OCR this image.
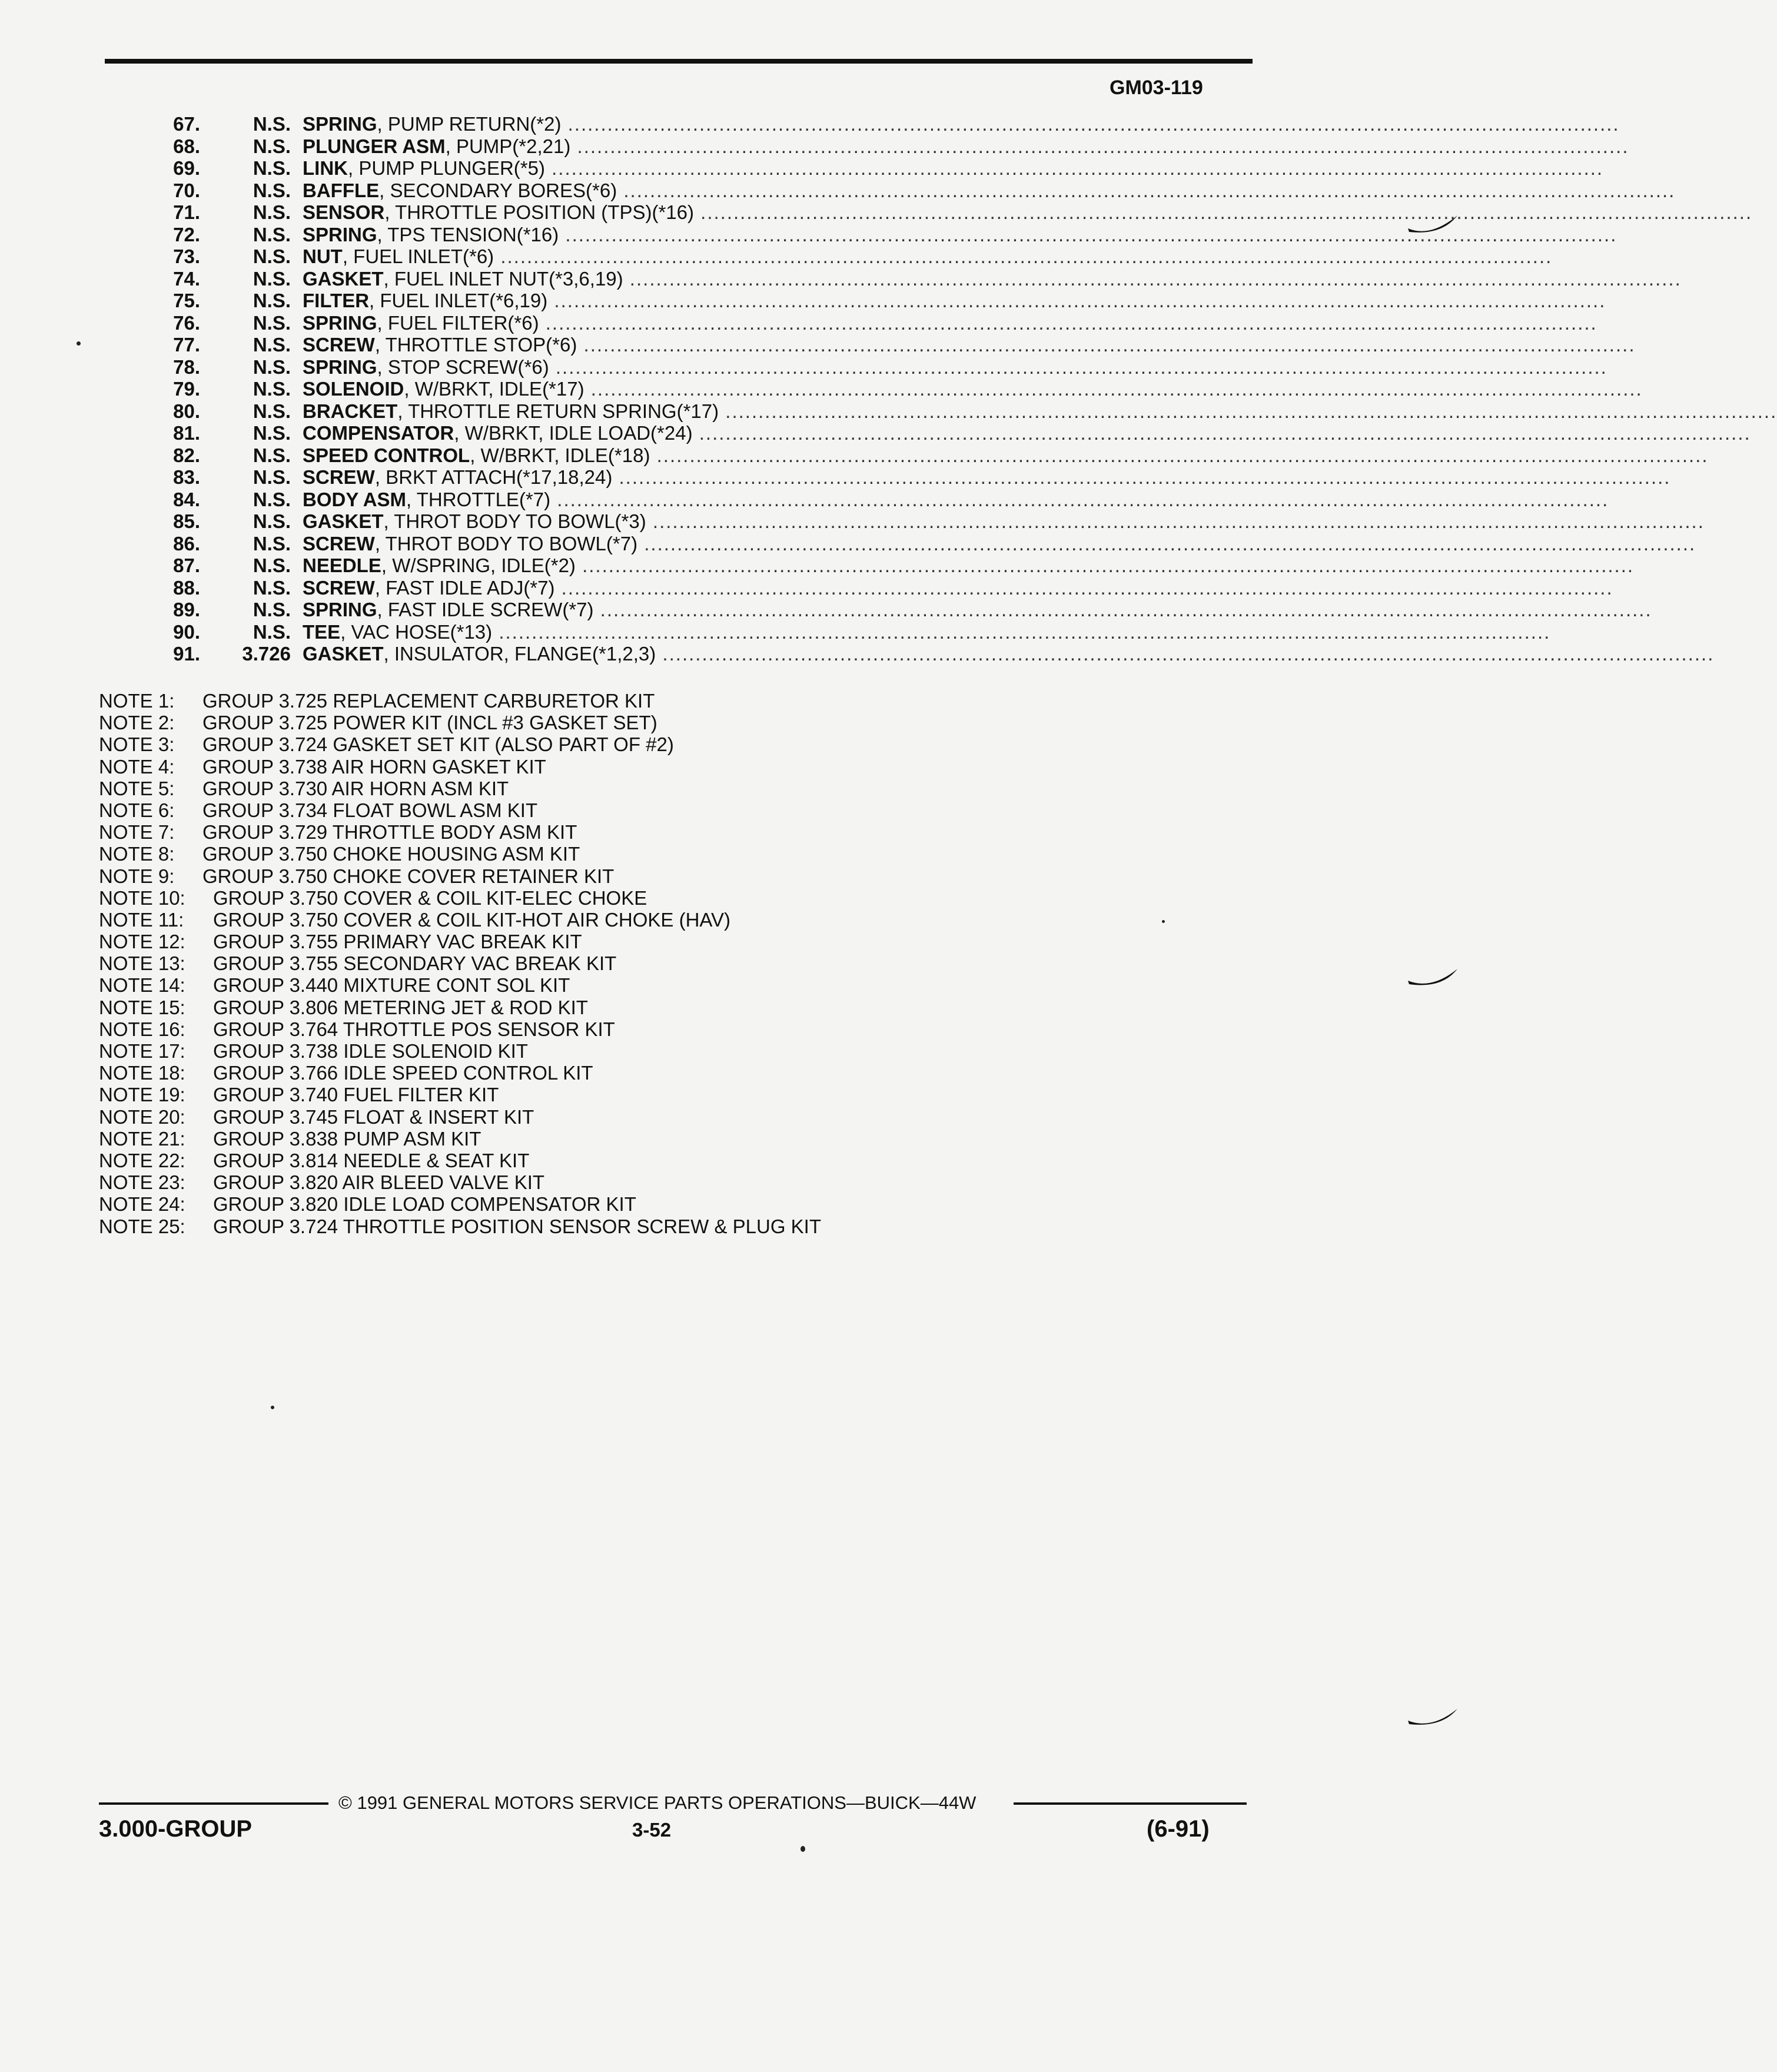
GM03-119
67.	N.S. SPRING, PUMP RETURN(*2) ................................................................................................................................................................
68.	N.S. PLUNGER ASM, PUMP(*2,21) ................................................................................................................................................................
69.	N.S. LINK, PUMP PLUNGER(*5) ................................................................................................................................................................
70.	N.S. BAFFLE, SECONDARY BORES(*6) ................................................................................................................................................................
71.	N.S. SENSOR, THROTTLE POSITION (TPS)(*16) ................................................................................................................................................................
72.	N.S. SPRING, TPS TENSION(*16) ................................................................................................................................................................
73.	N.S. NUT, FUEL INLET(*6) ................................................................................................................................................................
74.	N.S. GASKET, FUEL INLET NUT(*3,6,19) ................................................................................................................................................................
75.	N.S. FILTER, FUEL INLET(*6,19) ................................................................................................................................................................
76.	N.S. SPRING, FUEL FILTER(*6) ................................................................................................................................................................
77.	N.S. SCREW, THROTTLE STOP(*6) ................................................................................................................................................................
78.	N.S. SPRING, STOP SCREW(*6) ................................................................................................................................................................
79.	N.S. SOLENOID, W/BRKT, IDLE(*17) ................................................................................................................................................................
80.	N.S. BRACKET, THROTTLE RETURN SPRING(*17) ................................................................................................................................................................
81.	N.S. COMPENSATOR, W/BRKT, IDLE LOAD(*24) ................................................................................................................................................................
82.	N.S. SPEED CONTROL, W/BRKT, IDLE(*18) ................................................................................................................................................................
83.	N.S. SCREW, BRKT ATTACH(*17,18,24) ................................................................................................................................................................
84.	N.S. BODY ASM, THROTTLE(*7) ................................................................................................................................................................
85.	N.S. GASKET, THROT BODY TO BOWL(*3) ................................................................................................................................................................
86.	N.S. SCREW, THROT BODY TO BOWL(*7) ................................................................................................................................................................
87.	N.S. NEEDLE, W/SPRING, IDLE(*2) ................................................................................................................................................................
88.	N.S. SCREW, FAST IDLE ADJ(*7) ................................................................................................................................................................
89.	N.S. SPRING, FAST IDLE SCREW(*7) ................................................................................................................................................................
90.	N.S. TEE, VAC HOSE(*13) ................................................................................................................................................................
91.	3.726 GASKET, INSULATOR, FLANGE(*1,2,3) ................................................................................................................................................................
NOTE 1: GROUP 3.725 REPLACEMENT CARBURETOR KIT
NOTE 2: GROUP 3.725 POWER KIT (INCL #3 GASKET SET)
NOTE 3: GROUP 3.724 GASKET SET KIT (ALSO PART OF #2)
NOTE 4: GROUP 3.738 AIR HORN GASKET KIT
NOTE 5: GROUP 3.730 AIR HORN ASM KIT
NOTE 6: GROUP 3.734 FLOAT BOWL ASM KIT
NOTE 7: GROUP 3.729 THROTTLE BODY ASM KIT
NOTE 8: GROUP 3.750 CHOKE HOUSING ASM KIT
NOTE 9: GROUP 3.750 CHOKE COVER RETAINER KIT
NOTE 10: GROUP 3.750 COVER & COIL KIT-ELEC CHOKE
NOTE 11: GROUP 3.750 COVER & COIL KIT-HOT AIR CHOKE (HAV)
NOTE 12: GROUP 3.755 PRIMARY VAC BREAK KIT
NOTE 13: GROUP 3.755 SECONDARY VAC BREAK KIT
NOTE 14: GROUP 3.440 MIXTURE CONT SOL KIT
NOTE 15: GROUP 3.806 METERING JET & ROD KIT
NOTE 16: GROUP 3.764 THROTTLE POS SENSOR KIT
NOTE 17: GROUP 3.738 IDLE SOLENOID KIT
NOTE 18: GROUP 3.766 IDLE SPEED CONTROL KIT
NOTE 19: GROUP 3.740 FUEL FILTER KIT
NOTE 20: GROUP 3.745 FLOAT & INSERT KIT
NOTE 21: GROUP 3.838 PUMP ASM KIT
NOTE 22: GROUP 3.814 NEEDLE & SEAT KIT
NOTE 23: GROUP 3.820 AIR BLEED VALVE KIT
NOTE 24: GROUP 3.820 IDLE LOAD COMPENSATOR KIT
NOTE 25: GROUP 3.724 THROTTLE POSITION SENSOR SCREW & PLUG KIT
© 1991 GENERAL MOTORS SERVICE PARTS OPERATIONS—BUICK—44W
3.000-GROUP	3-52	(6-91)
